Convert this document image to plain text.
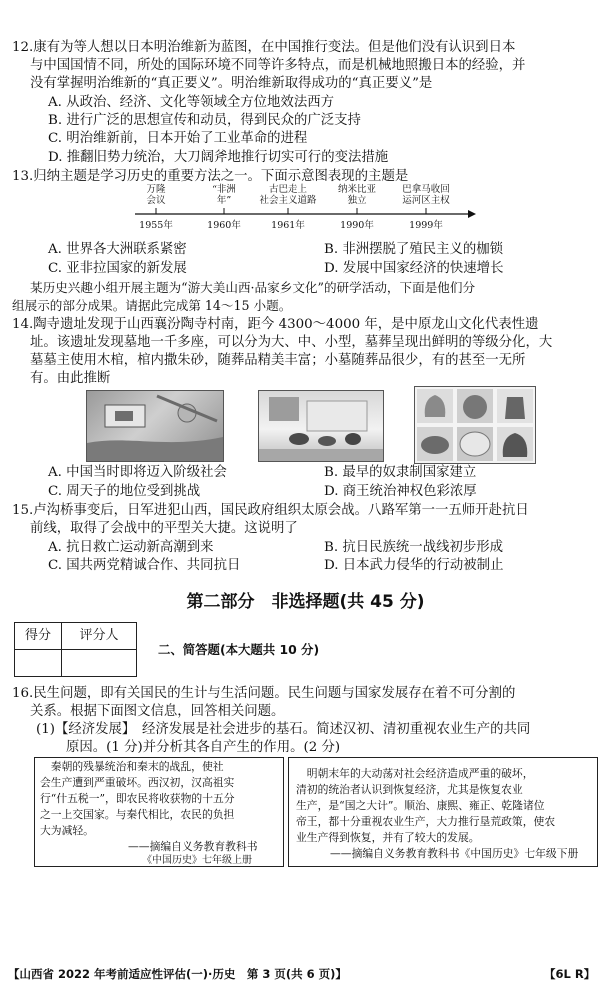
12.康有为等人想以日本明治维新为蓝图，在中国推行变法。但是他们没有认识到日本
与中国国情不同，所处的国际环境不同等许多特点，而是机械地照搬日本的经验，并
没有掌握明治维新的“真正要义”。明治维新取得成功的“真正要义”是
A. 从政治、经济、文化等领域全方位地效法西方
B. 进行广泛的思想宣传和动员，得到民众的广泛支持
C. 明治维新前，日本开始了工业革命的进程
D. 推翻旧势力统治，大刀阔斧地推行切实可行的变法措施
13.归纳主题是学习历史的重要方法之一。下面示意图表现的主题是
万隆
会议
“非洲
年”
古巴走上
社会主义道路
纳米比亚
独立
巴拿马收回
运河区主权
1955年	1960年	1961年	1990年	1999年
A. 世界各大洲联系紧密	B. 非洲摆脱了殖民主义的枷锁
C. 亚非拉国家的新发展	D. 发展中国家经济的快速增长
某历史兴趣小组开展主题为“游大美山西·品家乡文化”的研学活动，下面是他们分
组展示的部分成果。请据此完成第 14～15 小题。
14.陶寺遗址发现于山西襄汾陶寺村南，距今 4300～4000 年，是中原龙山文化代表性遗
址。该遗址发现墓地一千多座，可以分为大、中、小型，墓葬呈现出鲜明的等级分化，大
墓墓主使用木棺，棺内撒朱砂，随葬品精美丰富；小墓随葬品很少，有的甚至一无所
有。由此推断
A. 中国当时即将迈入阶级社会	B. 最早的奴隶制国家建立
C. 周天子的地位受到挑战	D. 商王统治神权色彩浓厚
15.卢沟桥事变后，日军进犯山西，国民政府组织太原会战。八路军第一一五师开赴抗日
前线，取得了会战中的平型关大捷。这说明了
A. 抗日救亡运动新高潮到来	B. 抗日民族统一战线初步形成
C. 国共两党精诚合作、共同抗日	D. 日本武力侵华的行动被制止
第二部分　非选择题(共 45 分)
得分	评分人

二、简答题(本大题共 10 分)
16.民生问题，即有关国民的生计与生活问题。民生问题与国家发展存在着不可分割的
关系。根据下面图文信息，回答相关问题。
(1)【经济发展】　经济发展是社会进步的基石。简述汉初、清初重视农业生产的共同
原因。(1 分)并分析其各自产生的作用。(2 分)
　秦朝的残暴统治和秦末的战乱，使社
会生产遭到严重破坏。西汉初，汉高祖实
行“什五税一”，即农民将收获物的十五分
之一上交国家。与秦代相比，农民的负担
大为减轻。
——摘编自义务教育教科书
《中国历史》七年级上册
　明朝末年的大动荡对社会经济造成严重的破坏，
清初的统治者认识到恢复经济，尤其是恢复农业
生产，是“国之大计”。顺治、康熙、雍正、乾隆诸位
帝王，都十分重视农业生产，大力推行垦荒政策，使农
业生产得到恢复，并有了较大的发展。
——摘编自义务教育教科书《中国历史》七年级下册
【山西省 2022 年考前适应性评估(一)·历史　第 3 页(共 6 页)】	【6L R】
